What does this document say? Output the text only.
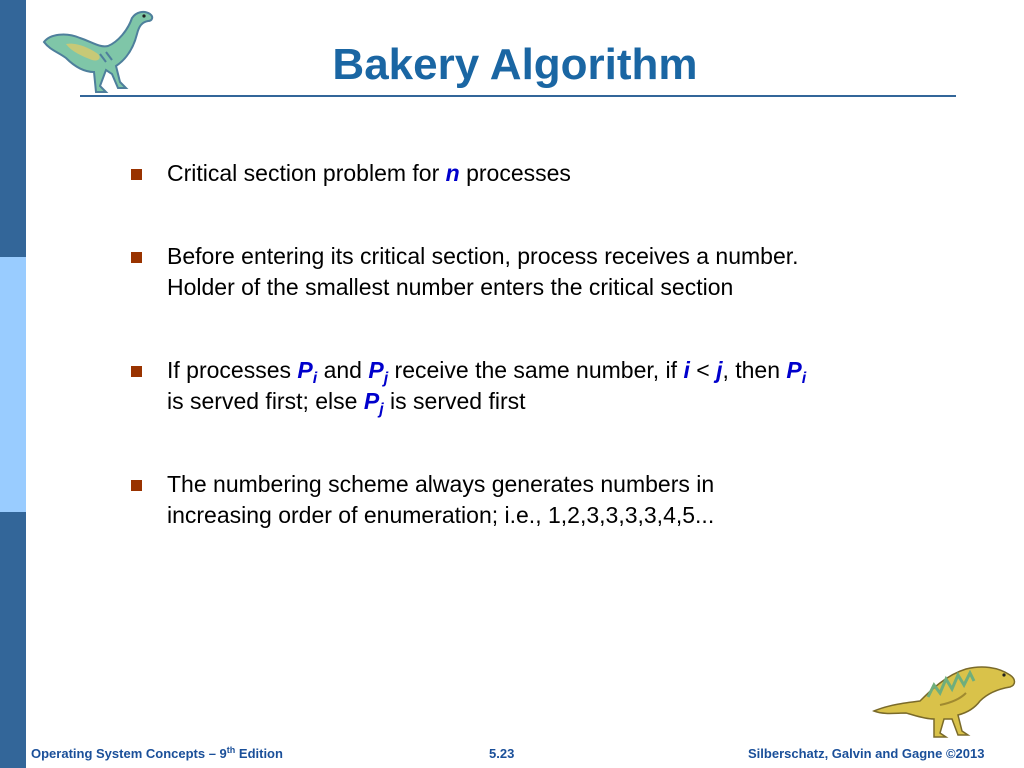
Bakery Algorithm
Critical section problem for n processes
Before entering its critical section, process receives a number.
Holder of the smallest number enters the critical section
If processes $P_i$ and $P_j$ receive the same number, if i < j, then $P_i$
is served first; else $P_j$ is served first
The numbering scheme always generates numbers in
increasing order of enumeration; i.e., 1,2,3,3,3,3,4,5...
Operating System Concepts – 9th Edition	5.23	Silberschatz, Galvin and Gagne ©2013
